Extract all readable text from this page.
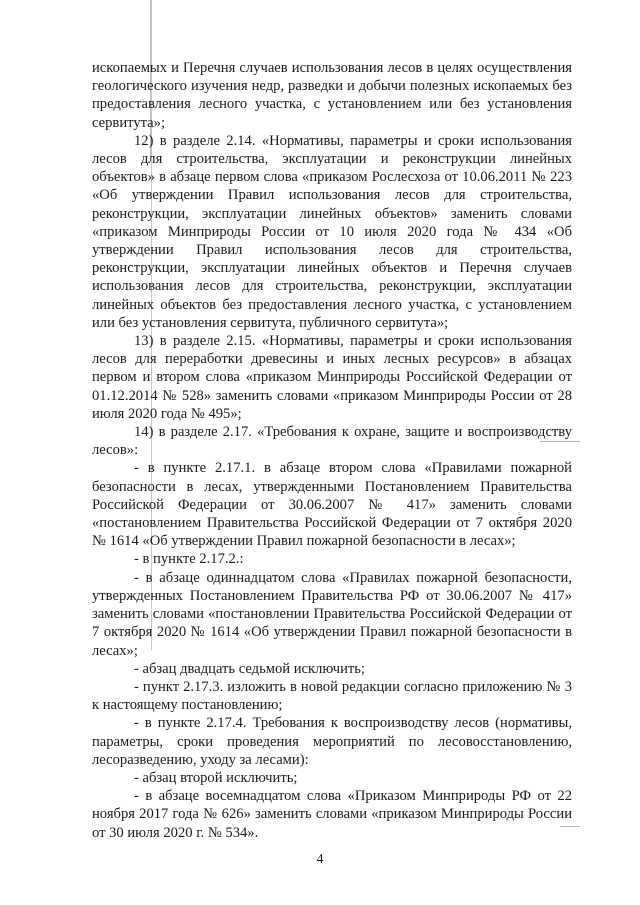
ископаемых и Перечня случаев использования лесов в целях осуществления геологического изучения недр, разведки и добычи полезных ископаемых без предоставления лесного участка, с установлением или без установления сервитута»;

12) в разделе 2.14. «Нормативы, параметры и сроки использования лесов для строительства, эксплуатации и реконструкции линейных объектов» в абзаце первом слова «приказом Рослесхоза от 10.06.2011 № 223 «Об утверждении Правил использования лесов для строительства, реконструкции, эксплуатации линейных объектов» заменить словами «приказом Минприроды России от 10 июля 2020 года № 434 «Об утверждении Правил использования лесов для строительства, реконструкции, эксплуатации линейных объектов и Перечня случаев использования лесов для строительства, реконструкции, эксплуатации линейных объектов без предоставления лесного участка, с установлением или без установления сервитута, публичного сервитута»;

13) в разделе 2.15. «Нормативы, параметры и сроки использования лесов для переработки древесины и иных лесных ресурсов» в абзацах первом и втором слова «приказом Минприроды Российской Федерации от 01.12.2014 № 528» заменить словами «приказом Минприроды России от 28 июля 2020 года № 495»;

14) в разделе 2.17. «Требования к охране, защите и воспроизводству лесов»:

- в пункте 2.17.1. в абзаце втором слова «Правилами пожарной безопасности в лесах, утвержденными Постановлением Правительства Российской Федерации от 30.06.2007 № 417» заменить словами «постановлением Правительства Российской Федерации от 7 октября 2020 № 1614 «Об утверждении Правил пожарной безопасности в лесах»;

- в пункте 2.17.2.:

- в абзаце одиннадцатом слова «Правилах пожарной безопасности, утвержденных Постановлением Правительства РФ от 30.06.2007 № 417» заменить словами «постановлении Правительства Российской Федерации от 7 октября 2020 № 1614 «Об утверждении Правил пожарной безопасности в лесах»;

- абзац двадцать седьмой исключить;

- пункт 2.17.3. изложить в новой редакции согласно приложению № 3 к настоящему постановлению;

- в пункте 2.17.4. Требования к воспроизводству лесов (нормативы, параметры, сроки проведения мероприятий по лесовосстановлению, лесоразведению, уходу за лесами):

- абзац второй исключить;

- в абзаце восемнадцатом слова «Приказом Минприроды РФ от 22 ноября 2017 года № 626» заменить словами «приказом Минприроды России от 30 июля 2020 г. № 534».

4
